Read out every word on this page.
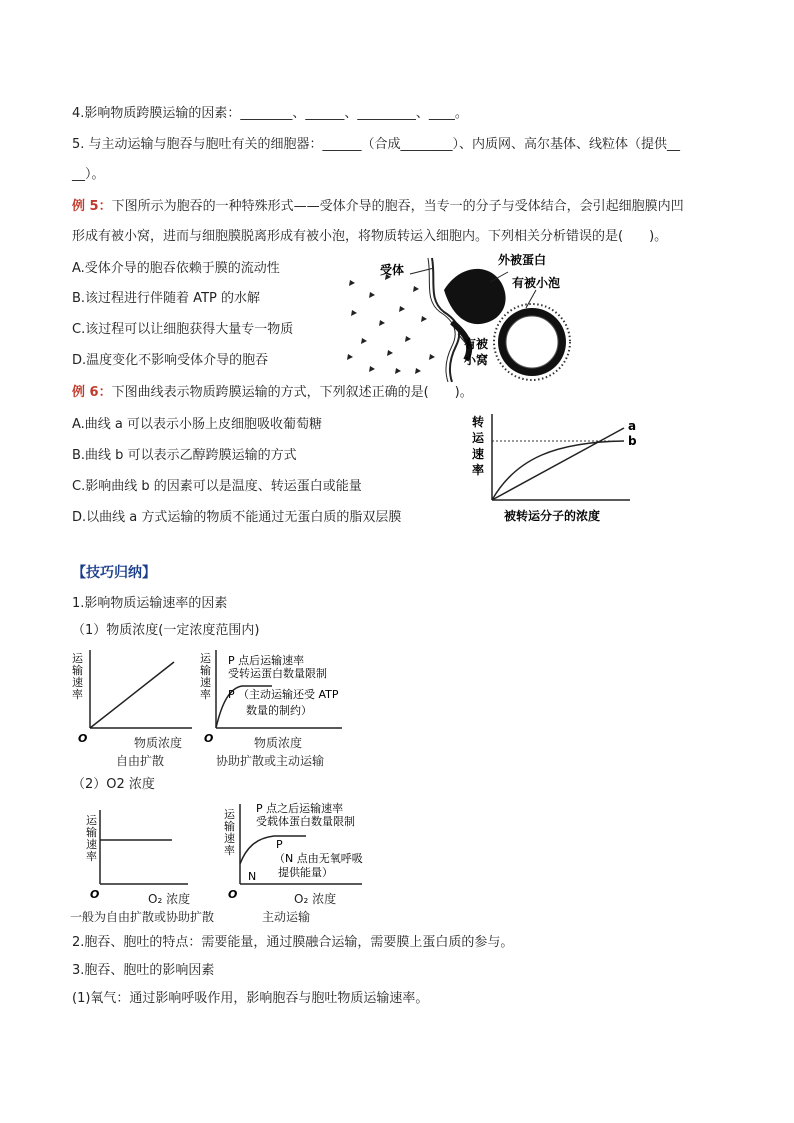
4.影响物质跨膜运输的因素：________、______、_________、____。
5. 与主动运输与胞吞与胞吐有关的细胞器：______（合成________）、内质网、高尔基体、线粒体（提供__
__）。
例 5：下图所示为胞吞的一种特殊形式——受体介导的胞吞，当专一的分子与受体结合，会引起细胞膜内凹
形成有被小窝，进而与细胞膜脱离形成有被小泡，将物质转运入细胞内。下列相关分析错误的是(　　)。
A.受体介导的胞吞依赖于膜的流动性
B.该过程进行伴随着 ATP 的水解
C.该过程可以让细胞获得大量专一物质
D.温度变化不影响受体介导的胞吞
受体
外被蛋白
有被小泡
有被
小窝
例 6：下图曲线表示物质跨膜运输的方式，下列叙述正确的是(　　)。
A.曲线 a 可以表示小肠上皮细胞吸收葡萄糖
B.曲线 b 可以表示乙醇跨膜运输的方式
C.影响曲线 b 的因素可以是温度、转运蛋白或能量
D.以曲线 a 方式运输的物质不能通过无蛋白质的脂双层膜
转
运
速
率
a
b
被转运分子的浓度
【技巧归纳】
1.影响物质运输速率的因素
（1）物质浓度(一定浓度范围内)
运
输
速
率
O	物质浓度
自由扩散
运
输
速
率
P 点后运输速率
受转运蛋白数量限制
P （主动运输还受 ATP
数量的制约）
O	物质浓度
协助扩散或主动运输
（2）O2 浓度
运
输
速
率
O	O₂ 浓度
一般为自由扩散或协助扩散
运
输
速
率
P 点之后运输速率
受载体蛋白数量限制
P
（N 点由无氧呼吸
提供能量）
N
O	O₂ 浓度
主动运输
2.胞吞、胞吐的特点：需要能量，通过膜融合运输，需要膜上蛋白质的参与。
3.胞吞、胞吐的影响因素
(1)氧气：通过影响呼吸作用，影响胞吞与胞吐物质运输速率。
